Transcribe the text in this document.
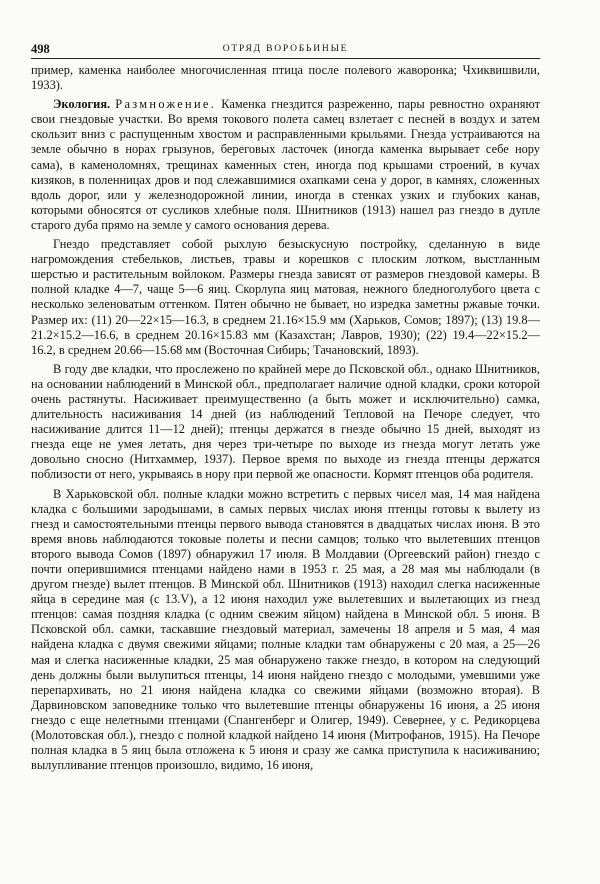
498	ОТРЯД ВОРОБЬИНЫЕ

пример, каменка наиболее многочисленная птица после полевого жаворонка; Чхиквишвили, 1933).

Экология. Размножение. Каменка гнездится разреженно, пары ревностно охраняют свои гнездовые участки. Во время токового полета самец взлетает с песней в воздух и затем скользит вниз с распущенным хвостом и расправленными крыльями. Гнезда устраиваются на земле обычно в норах грызунов, береговых ласточек (иногда каменка вырывает себе нору сама), в каменоломнях, трещинах каменных стен, иногда под крышами строений, в кучах кизяков, в поленницах дров и под слежавшимися охапками сена у дорог, в камнях, сложенных вдоль дорог, или у железнодорожной линии, иногда в стенках узких и глубоких канав, которыми обносятся от сусликов хлебные поля. Шнитников (1913) нашел раз гнездо в дупле старого дуба прямо на земле у самого основания дерева.

Гнездо представляет собой рыхлую безыскусную постройку, сделанную в виде нагромождения стебельков, листьев, травы и корешков с плоским лотком, выстланным шерстью и растительным войлоком. Размеры гнезда зависят от размеров гнездовой камеры. В полной кладке 4—7, чаще 5—6 яиц. Скорлупа яиц матовая, нежного бледноголубого цвета с несколько зеленоватым оттенком. Пятен обычно не бывает, но изредка заметны ржавые точки. Размер их: (11) 20—22×15—16.3, в среднем 21.16×15.9 мм (Харьков, Сомов; 1897); (13) 19.8—21.2×15.2—16.6, в среднем 20.16×15.83 мм (Казахстан; Лавров, 1930); (22) 19.4—22×15.2—16.2, в среднем 20.66—15.68 мм (Восточная Сибирь; Тачановский, 1893).

В году две кладки, что прослежено по крайней мере до Псковской обл., однако Шнитников, на основании наблюдений в Минской обл., предполагает наличие одной кладки, сроки которой очень растянуты. Насиживает преимущественно (а быть может и исключительно) самка, длительность насиживания 14 дней (из наблюдений Тепловой на Печоре следует, что насиживание длится 11—12 дней); птенцы держатся в гнезде обычно 15 дней, выходят из гнезда еще не умея летать, дня через три-четыре по выходе из гнезда могут летать уже довольно сносно (Нитхаммер, 1937). Первое время по выходе из гнезда птенцы держатся поблизости от него, укрываясь в нору при первой же опасности. Кормят птенцов оба родителя.

В Харьковской обл. полные кладки можно встретить с первых чисел мая, 14 мая найдена кладка с большими зародышами, в самых первых числах июня птенцы готовы к вылету из гнезд и самостоятельными птенцы первого вывода становятся в двадцатых числах июня. В это время вновь наблюдаются токовые полеты и песни самцов; только что вылетевших птенцов второго вывода Сомов (1897) обнаружил 17 июля. В Молдавии (Оргеевский район) гнездо с почти оперившимися птенцами найдено нами в 1953 г. 25 мая, а 28 мая мы наблюдали (в другом гнезде) вылет птенцов. В Минской обл. Шнитников (1913) находил слегка насиженные яйца в середине мая (с 13.V), а 12 июня находил уже вылетевших и вылетающих из гнезд птенцов: самая поздняя кладка (с одним свежим яйцом) найдена в Минской обл. 5 июня. В Псковской обл. самки, таскавшие гнездовый материал, замечены 18 апреля и 5 мая, 4 мая найдена кладка с двумя свежими яйцами; полные кладки там обнаружены с 20 мая, а 25—26 мая и слегка насиженные кладки, 25 мая обнаружено также гнездо, в котором на следующий день должны были вылупиться птенцы, 14 июня найдено гнездо с молодыми, умевшими уже перепархивать, но 21 июня найдена кладка со свежими яйцами (возможно вторая). В Дарвиновском заповеднике только что вылетевшие птенцы обнаружены 16 июня, а 25 июня гнездо с еще нелетными птенцами (Спангенберг и Олигер, 1949). Севернее, у с. Редикорцева (Молотовская обл.), гнездо с полной кладкой найдено 14 июня (Митрофанов, 1915). На Печоре полная кладка в 5 яиц была отложена к 5 июня и сразу же самка приступила к насиживанию; вылупливание птенцов произошло, видимо, 16 июня,
